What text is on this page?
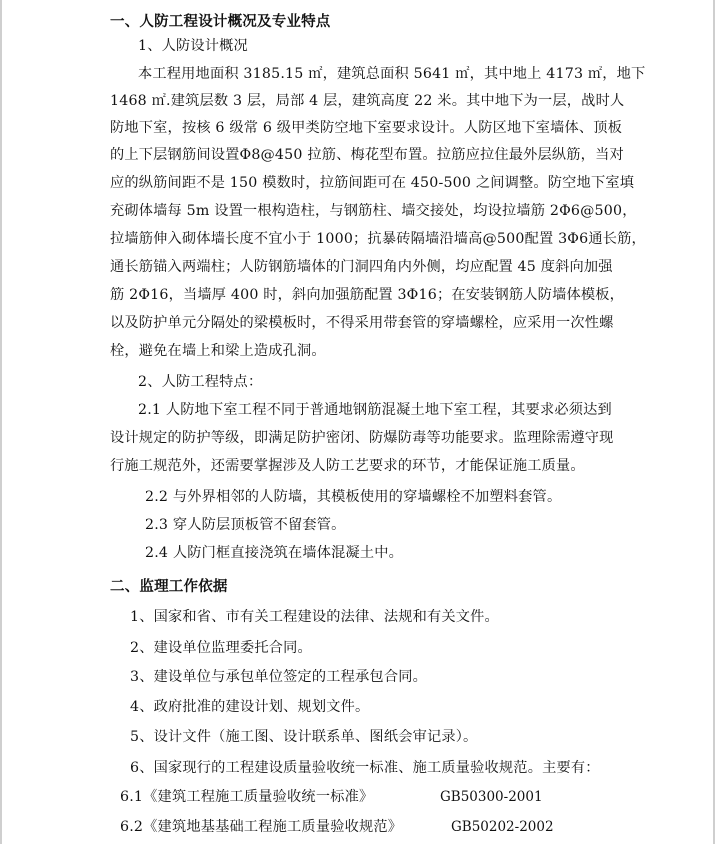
一、人防工程设计概况及专业特点
1、人防设计概况
本工程用地面积 3185.15 ㎡，建筑总面积 5641 ㎡，其中地上 4173 ㎡，地下
1468 ㎡.建筑层数 3 层，局部 4 层，建筑高度 22 米。其中地下为一层，战时人
防地下室，按核 6 级常 6 级甲类防空地下室要求设计。人防区地下室墙体、顶板
的上下层钢筋间设置Φ8@450 拉筋、梅花型布置。拉筋应拉住最外层纵筋，当对
应的纵筋间距不是 150 模数时，拉筋间距可在 450-500 之间调整。防空地下室填
充砌体墙每 5m 设置一根构造柱，与钢筋柱、墙交接处，均设拉墙筋 2Φ6@500，
拉墙筋伸入砌体墙长度不宜小于 1000；抗暴砖隔墙沿墙高@500配置 3Φ6通长筋，
通长筋锚入两端柱；人防钢筋墙体的门洞四角内外侧，均应配置 45 度斜向加强
筋 2Φ16，当墙厚 400 时，斜向加强筋配置 3Φ16；在安装钢筋人防墙体模板，
以及防护单元分隔处的梁模板时，不得采用带套管的穿墙螺栓，应采用一次性螺
栓，避免在墙上和梁上造成孔洞。
2、人防工程特点：
2.1 人防地下室工程不同于普通地钢筋混凝土地下室工程，其要求必须达到
设计规定的防护等级，即满足防护密闭、防爆防毒等功能要求。监理除需遵守现
行施工规范外，还需要掌握涉及人防工艺要求的环节，才能保证施工质量。
2.2 与外界相邻的人防墙，其模板使用的穿墙螺栓不加塑料套管。
2.3 穿人防层顶板管不留套管。
2.4 人防门框直接浇筑在墙体混凝土中。
二、监理工作依据
1、国家和省、市有关工程建设的法律、法规和有关文件。
2、建设单位监理委托合同。
3、建设单位与承包单位签定的工程承包合同。
4、政府批准的建设计划、规划文件。
5、设计文件（施工图、设计联系单、图纸会审记录）。
6、国家现行的工程建设质量验收统一标准、施工质量验收规范。主要有：
6.1《建筑工程施工质量验收统一标准》	GB50300-2001
6.2《建筑地基基础工程施工质量验收规范》	GB50202-2002
